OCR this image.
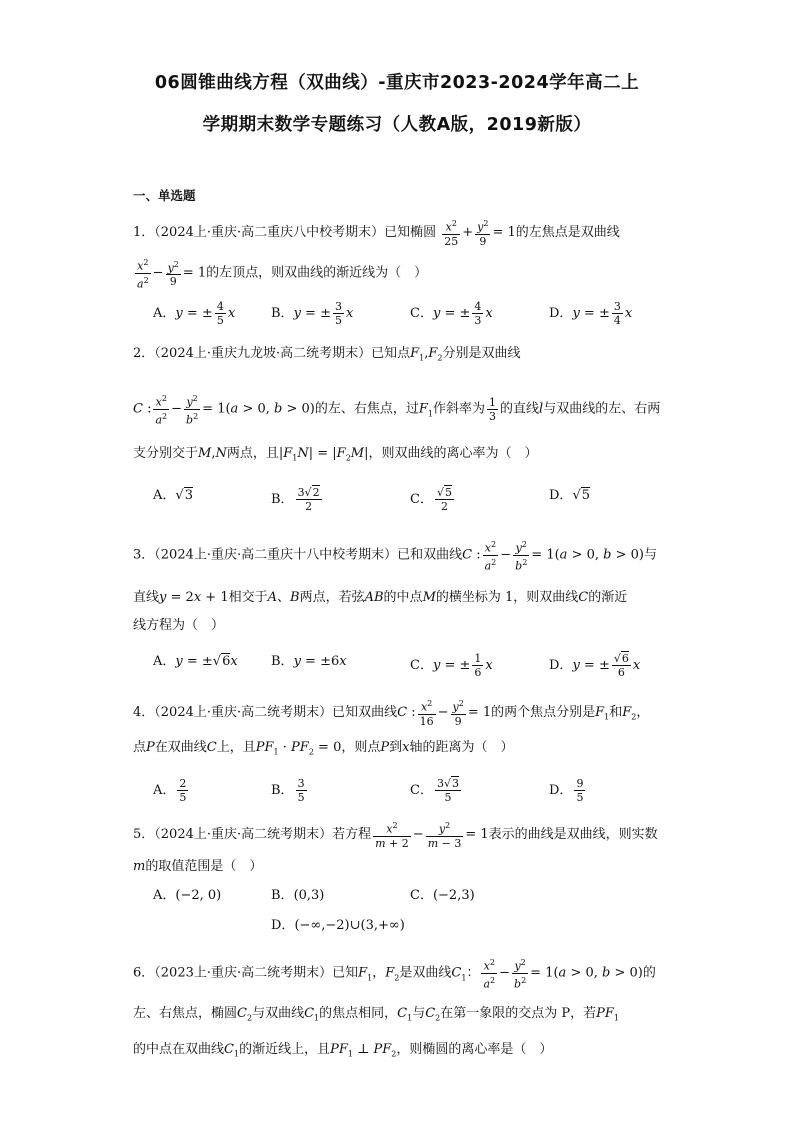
06圆锥曲线方程（双曲线）-重庆市2023-2024学年高二上
学期期末数学专题练习（人教A版，2019新版）
一、单选题
1．（2024上·重庆·高二重庆八中校考期末）已知椭圆 $\frac{x^2}{25} + \frac{y^2}{9} = 1$的左焦点是双曲线
$\frac{x^2}{a^2} - \frac{y^2}{9} = 1$的左顶点，则双曲线的渐近线为（　）
A．y = ± $\frac{4}{5}$ x	B．y = ± $\frac{3}{5}$ x	C．y = ± $\frac{4}{3}$ x	D．y = ± $\frac{3}{4}$ x
2．（2024上·重庆九龙坡·高二统考期末）已知点$F_1,F_2$分别是双曲线
C : $\frac{x^2}{a^2} - \frac{y^2}{b^2} = 1(a > 0$, b > 0)的左、右焦点，过$F_1$作斜率为 $\frac{1}{3}$ 的直线l与双曲线的左、右两
支分别交于M,N两点，且$|F_1N| = |F_2M|$，则双曲线的离心率为（　）
A．√3	B． $\frac{3√2}{2}$	C． $\frac{√5}{2}$	D．√5
3．（2024上·重庆·高二重庆十八中校考期末）已和双曲线C : $\frac{x^2}{a^2} - \frac{y^2}{b^2} = 1(a > 0$, b > 0)与
直线y = 2x + 1相交于A、B两点，若弦AB的中点M的横坐标为 1，则双曲线C的渐近
线方程为（　）
A．y = ±√6x	B．y = ±6x	C．y = ± $\frac{1}{6}$ x	D．y = ± $\frac{√6}{6}$ x
4．（2024上·重庆·高二统考期末）已知双曲线C : $\frac{x^2}{16} - \frac{y^2}{9} = 1$的两个焦点分别是$F_1$和$F_2$，
点P在双曲线C上，且$PF_1 \cdot PF_2 = 0$，则点P到x轴的距离为（　）
A． $\frac{2}{5}$	B． $\frac{3}{5}$	C． $\frac{3√3}{5}$	D． $\frac{9}{5}$
5．（2024上·重庆·高二统考期末）若方程 $\frac{x^2}{m + 2} - \frac{y^2}{m - 3} = 1$表示的曲线是双曲线，则实数
m的取值范围是（　）
A．(−2, 0)	B．(0,3)	C．(−2,3)
D．(−∞,−2)∪(3,+∞)
6．（2023上·重庆·高二统考期末）已知$F_1$，$F_2$是双曲线$C_1$： $\frac{x^2}{a^2} - \frac{y^2}{b^2} = 1(a > 0$, b > 0)的
左、右焦点，椭圆$C_2$与双曲线$C_1$的焦点相同，$C_1$与$C_2$在第一象限的交点为 P，若$PF_1$
的中点在双曲线$C_1$的渐近线上，且$PF_1$ ⊥ $PF_2$，则椭圆的离心率是（　）
